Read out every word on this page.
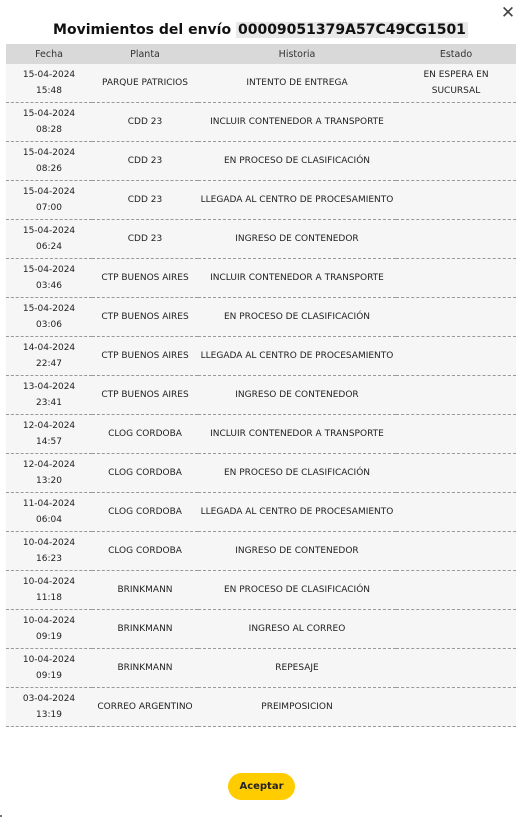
✕
Movimientos del envío 00009051379A57C49CG1501
Fecha	Planta	Historia	Estado

15-04-2024
15:48	PARQUE PATRICIOS	INTENTO DE ENTREGA	EN ESPERA EN SUCURSAL

15-04-2024
08:28	CDD 23	INCLUIR CONTENEDOR A TRANSPORTE	

15-04-2024
08:26	CDD 23	EN PROCESO DE CLASIFICACIÓN	

15-04-2024
07:00	CDD 23	LLEGADA AL CENTRO DE PROCESAMIENTO	

15-04-2024
06:24	CDD 23	INGRESO DE CONTENEDOR	

15-04-2024
03:46	CTP BUENOS AIRES	INCLUIR CONTENEDOR A TRANSPORTE	

15-04-2024
03:06	CTP BUENOS AIRES	EN PROCESO DE CLASIFICACIÓN	

14-04-2024
22:47	CTP BUENOS AIRES	LLEGADA AL CENTRO DE PROCESAMIENTO	

13-04-2024
23:41	CTP BUENOS AIRES	INGRESO DE CONTENEDOR	

12-04-2024
14:57	CLOG CORDOBA	INCLUIR CONTENEDOR A TRANSPORTE	

12-04-2024
13:20	CLOG CORDOBA	EN PROCESO DE CLASIFICACIÓN	

11-04-2024
06:04	CLOG CORDOBA	LLEGADA AL CENTRO DE PROCESAMIENTO	

10-04-2024
16:23	CLOG CORDOBA	INGRESO DE CONTENEDOR	

10-04-2024
11:18	BRINKMANN	EN PROCESO DE CLASIFICACIÓN	

10-04-2024
09:19	BRINKMANN	INGRESO AL CORREO	

10-04-2024
09:19	BRINKMANN	REPESAJE	

03-04-2024
13:19	CORREO ARGENTINO	PREIMPOSICION	
Aceptar
